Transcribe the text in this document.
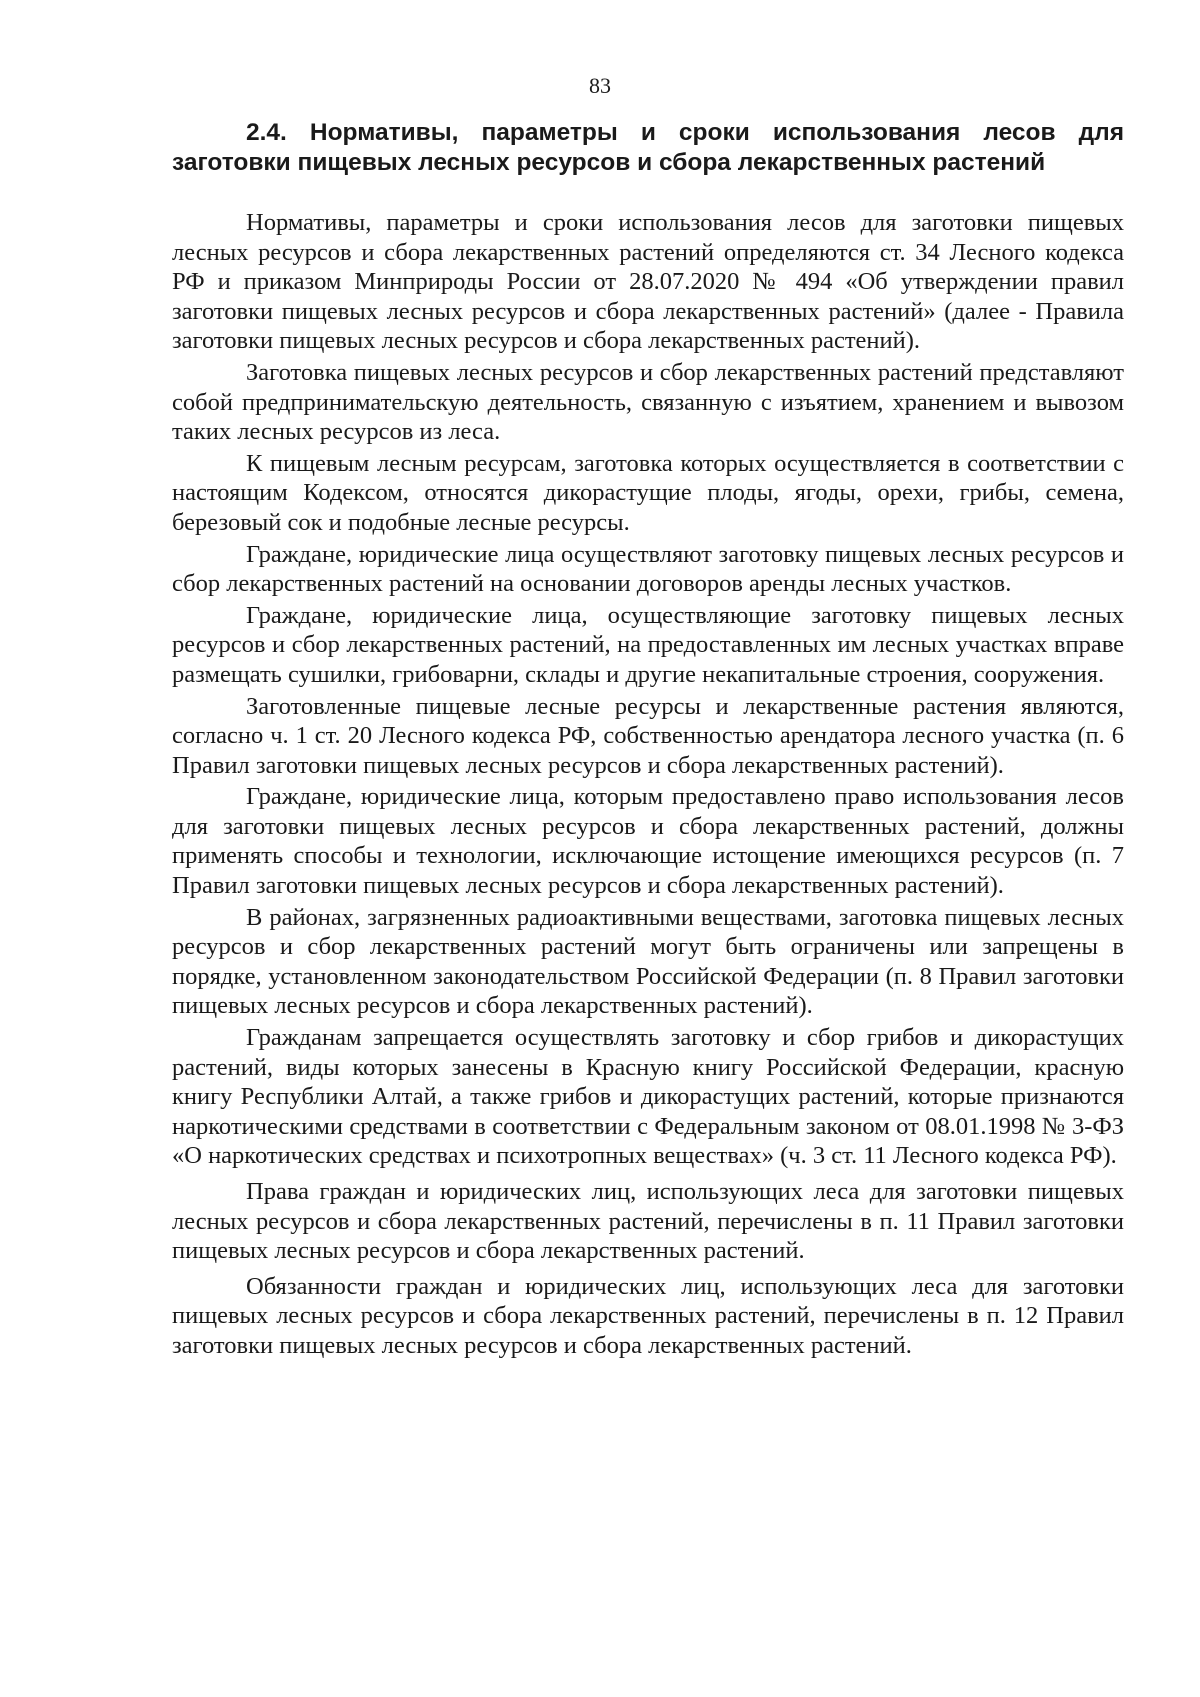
83
2.4. Нормативы, параметры и сроки использования лесов для заготовки пищевых лесных ресурсов и сбора лекарственных растений

Нормативы, параметры и сроки использования лесов для заготовки пищевых лесных ресурсов и сбора лекарственных растений определяются ст. 34 Лесного кодекса РФ и приказом Минприроды России от 28.07.2020 № 494 «Об утверждении правил заготовки пищевых лесных ресурсов и сбора лекарственных растений» (далее - Правила заготовки пищевых лесных ресурсов и сбора лекарственных растений).

Заготовка пищевых лесных ресурсов и сбор лекарственных растений представляют собой предпринимательскую деятельность, связанную с изъятием, хранением и вывозом таких лесных ресурсов из леса.

К пищевым лесным ресурсам, заготовка которых осуществляется в соответствии с настоящим Кодексом, относятся дикорастущие плоды, ягоды, орехи, грибы, семена, березовый сок и подобные лесные ресурсы.

Граждане, юридические лица осуществляют заготовку пищевых лесных ресурсов и сбор лекарственных растений на основании договоров аренды лесных участков.

Граждане, юридические лица, осуществляющие заготовку пищевых лесных ресурсов и сбор лекарственных растений, на предоставленных им лесных участках вправе размещать сушилки, грибоварни, склады и другие некапитальные строения, сооружения.

Заготовленные пищевые лесные ресурсы и лекарственные растения являются, согласно ч. 1 ст. 20 Лесного кодекса РФ, собственностью арендатора лесного участка (п. 6 Правил заготовки пищевых лесных ресурсов и сбора лекарственных растений).

Граждане, юридические лица, которым предоставлено право использования лесов для заготовки пищевых лесных ресурсов и сбора лекарственных растений, должны применять способы и технологии, исключающие истощение имеющихся ресурсов (п. 7 Правил заготовки пищевых лесных ресурсов и сбора лекарственных растений).

В районах, загрязненных радиоактивными веществами, заготовка пищевых лесных ресурсов и сбор лекарственных растений могут быть ограничены или запрещены в порядке, установленном законодательством Российской Федерации (п. 8 Правил заготовки пищевых лесных ресурсов и сбора лекарственных растений).

Гражданам запрещается осуществлять заготовку и сбор грибов и дикорастущих растений, виды которых занесены в Красную книгу Российской Федерации, красную книгу Республики Алтай, а также грибов и дикорастущих растений, которые признаются наркотическими средствами в соответствии с Федеральным законом от 08.01.1998 № 3-ФЗ «О наркотических средствах и психотропных веществах» (ч. 3 ст. 11 Лесного кодекса РФ).

Права граждан и юридических лиц, использующих леса для заготовки пищевых лесных ресурсов и сбора лекарственных растений, перечислены в п. 11 Правил заготовки пищевых лесных ресурсов и сбора лекарственных растений.

Обязанности граждан и юридических лиц, использующих леса для заготовки пищевых лесных ресурсов и сбора лекарственных растений, перечислены в п. 12 Правил заготовки пищевых лесных ресурсов и сбора лекарственных растений.
